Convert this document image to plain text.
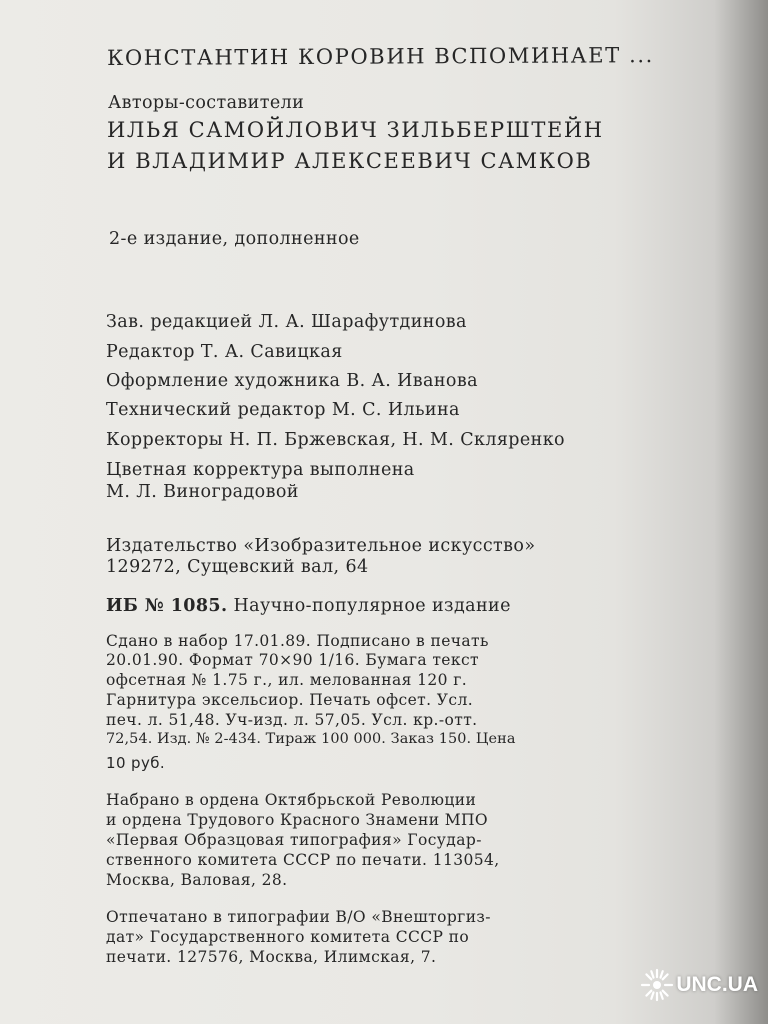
КОНСТАНТИН КОРОВИН ВСПОМИНАЕТ ...
Авторы-составители
ИЛЬЯ САМОЙЛОВИЧ ЗИЛЬБЕРШТЕЙН
И ВЛАДИМИР АЛЕКСЕЕВИЧ САМКОВ
2-е издание, дополненное
Зав. редакцией Л. А. Шарафутдинова
Редактор Т. А. Савицкая
Оформление художника В. А. Иванова
Технический редактор М. С. Ильина
Корректоры Н. П. Бржевская, Н. М. Скляренко
Цветная корректура выполнена
М. Л. Виноградовой
Издательство «Изобразительное искусство»
129272, Сущевский вал, 64
ИБ № 1085. Научно-популярное издание
Сдано в набор 17.01.89. Подписано в печать
20.01.90. Формат 70×90 1/16. Бумага текст
офсетная № 1.75 г., ил. мелованная 120 г.
Гарнитура эксельсиор. Печать офсет. Усл.
печ. л. 51,48. Уч-изд. л. 57,05. Усл. кр.-отт.
72,54. Изд. № 2-434. Тираж 100 000. Заказ 150. Цена
10 руб.
Набрано в ордена Октябрьской Революции
и ордена Трудового Красного Знамени МПО
«Первая Образцовая типография» Государ-
ственного комитета СССР по печати. 113054,
Москва, Валовая, 28.
Отпечатано в типографии В/О «Внешторгиз-
дат» Государственного комитета СССР по
печати. 127576, Москва, Илимская, 7.
UNC.UA
